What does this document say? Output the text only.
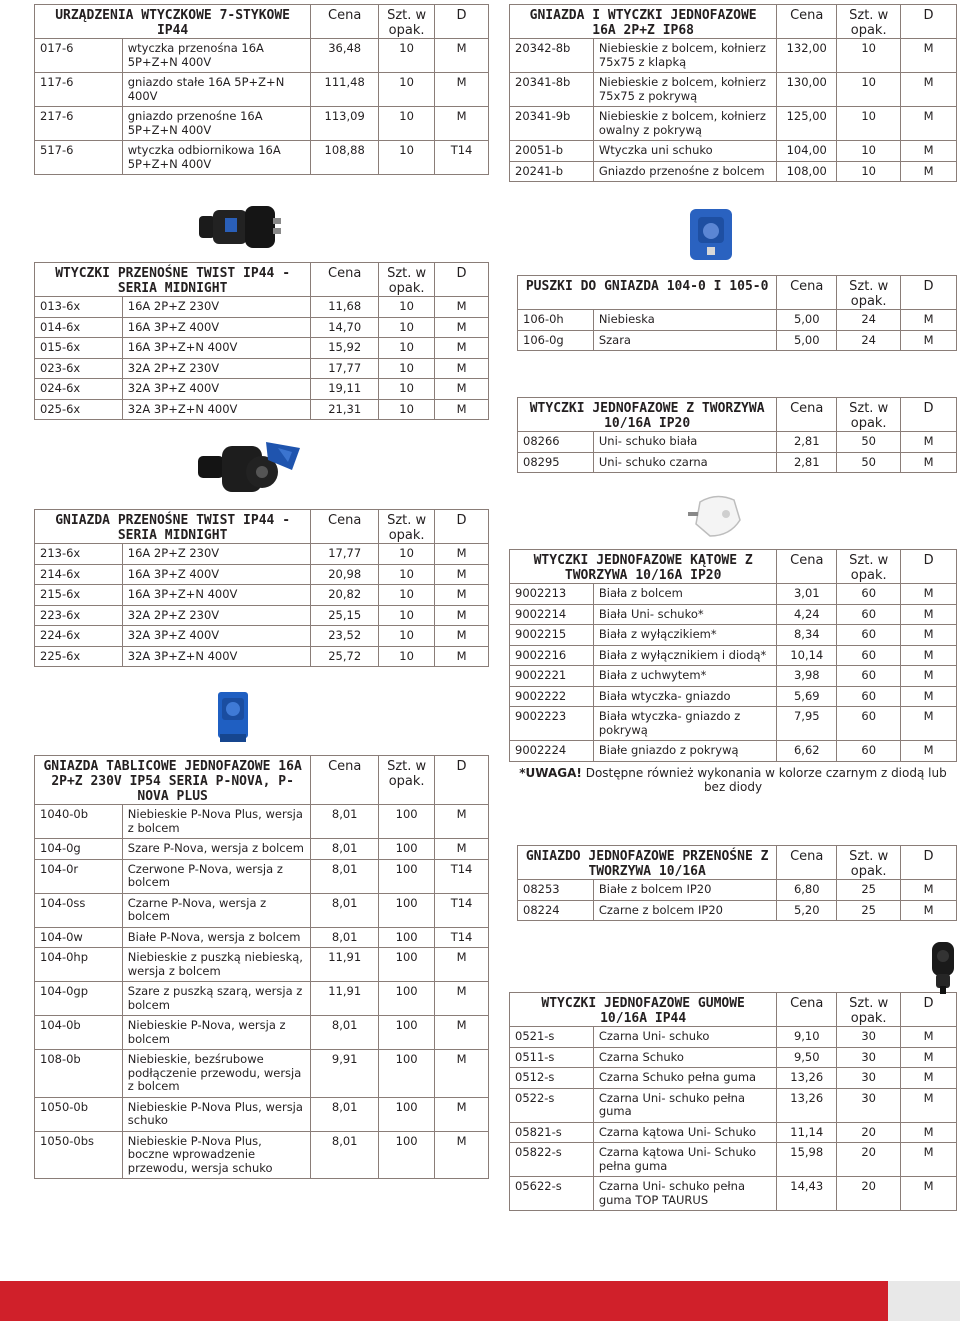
URZĄDZENIA WTYCZKOWE 7-STYKOWE IP44		Cena	Szt. w opak.	D
017-6	wtyczka przenośna 16A 5P+Z+N 400V	36,48	10	M
117-6	gniazdo stałe 16A 5P+Z+N 400V	111,48	10	M
217-6	gniazdo przenośne 16A 5P+Z+N 400V	113,09	10	M
517-6	wtyczka odbiornikowa 16A 5P+Z+N 400V	108,88	10	T14
GNIAZDA I WTYCZKI JEDNOFAZOWE 16A 2P+Z IP68		Cena	Szt. w opak.	D
20342-8b	Niebieskie z bolcem, kołnierz 75x75 z klapką	132,00	10	M
20341-8b	Niebieskie z bolcem, kołnierz 75x75 z pokrywą	130,00	10	M
20341-9b	Niebieskie z bolcem, kołnierz owalny z pokrywą	125,00	10	M
20051-b	Wtyczka uni schuko	104,00	10	M
20241-b	Gniazdo przenośne z bolcem	108,00	10	M
WTYCZKI PRZENOŚNE TWIST IP44 - SERIA MIDNIGHT		Cena	Szt. w opak.	D
013-6x	16A 2P+Z 230V	11,68	10	M
014-6x	16A 3P+Z 400V	14,70	10	M
015-6x	16A 3P+Z+N 400V	15,92	10	M
023-6x	32A 2P+Z 230V	17,77	10	M
024-6x	32A 3P+Z 400V	19,11	10	M
025-6x	32A 3P+Z+N 400V	21,31	10	M
PUSZKI DO GNIAZDA 104-0 I 105-0		Cena	Szt. w opak.	D
106-0h	Niebieska	5,00	24	M
106-0g	Szara	5,00	24	M
WTYCZKI JEDNOFAZOWE Z TWORZYWA 10/16A IP20		Cena	Szt. w opak.	D
08266	Uni- schuko biała	2,81	50	M
08295	Uni- schuko czarna	2,81	50	M
GNIAZDA PRZENOŚNE TWIST IP44 - SERIA MIDNIGHT		Cena	Szt. w opak.	D
213-6x	16A 2P+Z 230V	17,77	10	M
214-6x	16A 3P+Z 400V	20,98	10	M
215-6x	16A 3P+Z+N 400V	20,82	10	M
223-6x	32A 2P+Z 230V	25,15	10	M
224-6x	32A 3P+Z 400V	23,52	10	M
225-6x	32A 3P+Z+N 400V	25,72	10	M
WTYCZKI JEDNOFAZOWE KĄTOWE Z TWORZYWA 10/16A IP20		Cena	Szt. w opak.	D
9002213	Biała z bolcem	3,01	60	M
9002214	Biała Uni- schuko*	4,24	60	M
9002215	Biała z wyłączikiem*	8,34	60	M
9002216	Biała z wyłącznikiem i diodą*	10,14	60	M
9002221	Biała z uchwytem*	3,98	60	M
9002222	Biała wtyczka- gniazdo	5,69	60	M
9002223	Biała wtyczka- gniazdo z pokrywą	7,95	60	M
9002224	Białe gniazdo z pokrywą	6,62	60	M
*UWAGA! Dostępne również wykonania w kolorze czarnym z diodą lub bez diody				
GNIAZDA TABLICOWE JEDNOFAZOWE 16A 2P+Z 230V IP54 SERIA P-NOVA, P-NOVA PLUS		Cena	Szt. w opak.	D
1040-0b	Niebieskie P-Nova Plus, wersja z bolcem	8,01	100	M
104-0g	Szare P-Nova, wersja z bolcem	8,01	100	M
104-0r	Czerwone P-Nova, wersja z bolcem	8,01	100	T14
104-0ss	Czarne P-Nova, wersja z bolcem	8,01	100	T14
104-0w	Białe P-Nova, wersja z bolcem	8,01	100	T14
104-0hp	Niebieskie z puszką niebieską, wersja z bolcem	11,91	100	M
104-0gp	Szare z puszką szarą, wersja z bolcem	11,91	100	M
104-0b	Niebieskie P-Nova, wersja z bolcem	8,01	100	M
108-0b	Niebieskie, bezśrubowe podłączenie przewodu, wersja z bolcem	9,91	100	M
1050-0b	Niebieskie P-Nova Plus, wersja schuko	8,01	100	M
1050-0bs	Niebieskie P-Nova Plus, boczne wprowadzenie przewodu, wersja schuko	8,01	100	M
GNIAZDO JEDNOFAZOWE PRZENOŚNE Z TWORZYWA 10/16A		Cena	Szt. w opak.	D
08253	Białe z bolcem IP20	6,80	25	M
08224	Czarne z bolcem IP20	5,20	25	M
WTYCZKI JEDNOFAZOWE GUMOWE 10/16A IP44		Cena	Szt. w opak.	D
0521-s	Czarna Uni- schuko	9,10	30	M
0511-s	Czarna Schuko	9,50	30	M
0512-s	Czarna Schuko pełna guma	13,26	30	M
0522-s	Czarna Uni- schuko pełna guma	13,26	30	M
05821-s	Czarna kątowa Uni- Schuko	11,14	20	M
05822-s	Czarna kątowa Uni- Schuko pełna guma	15,98	20	M
05622-s	Czarna Uni- schuko pełna guma TOP TAURUS	14,43	20	M
